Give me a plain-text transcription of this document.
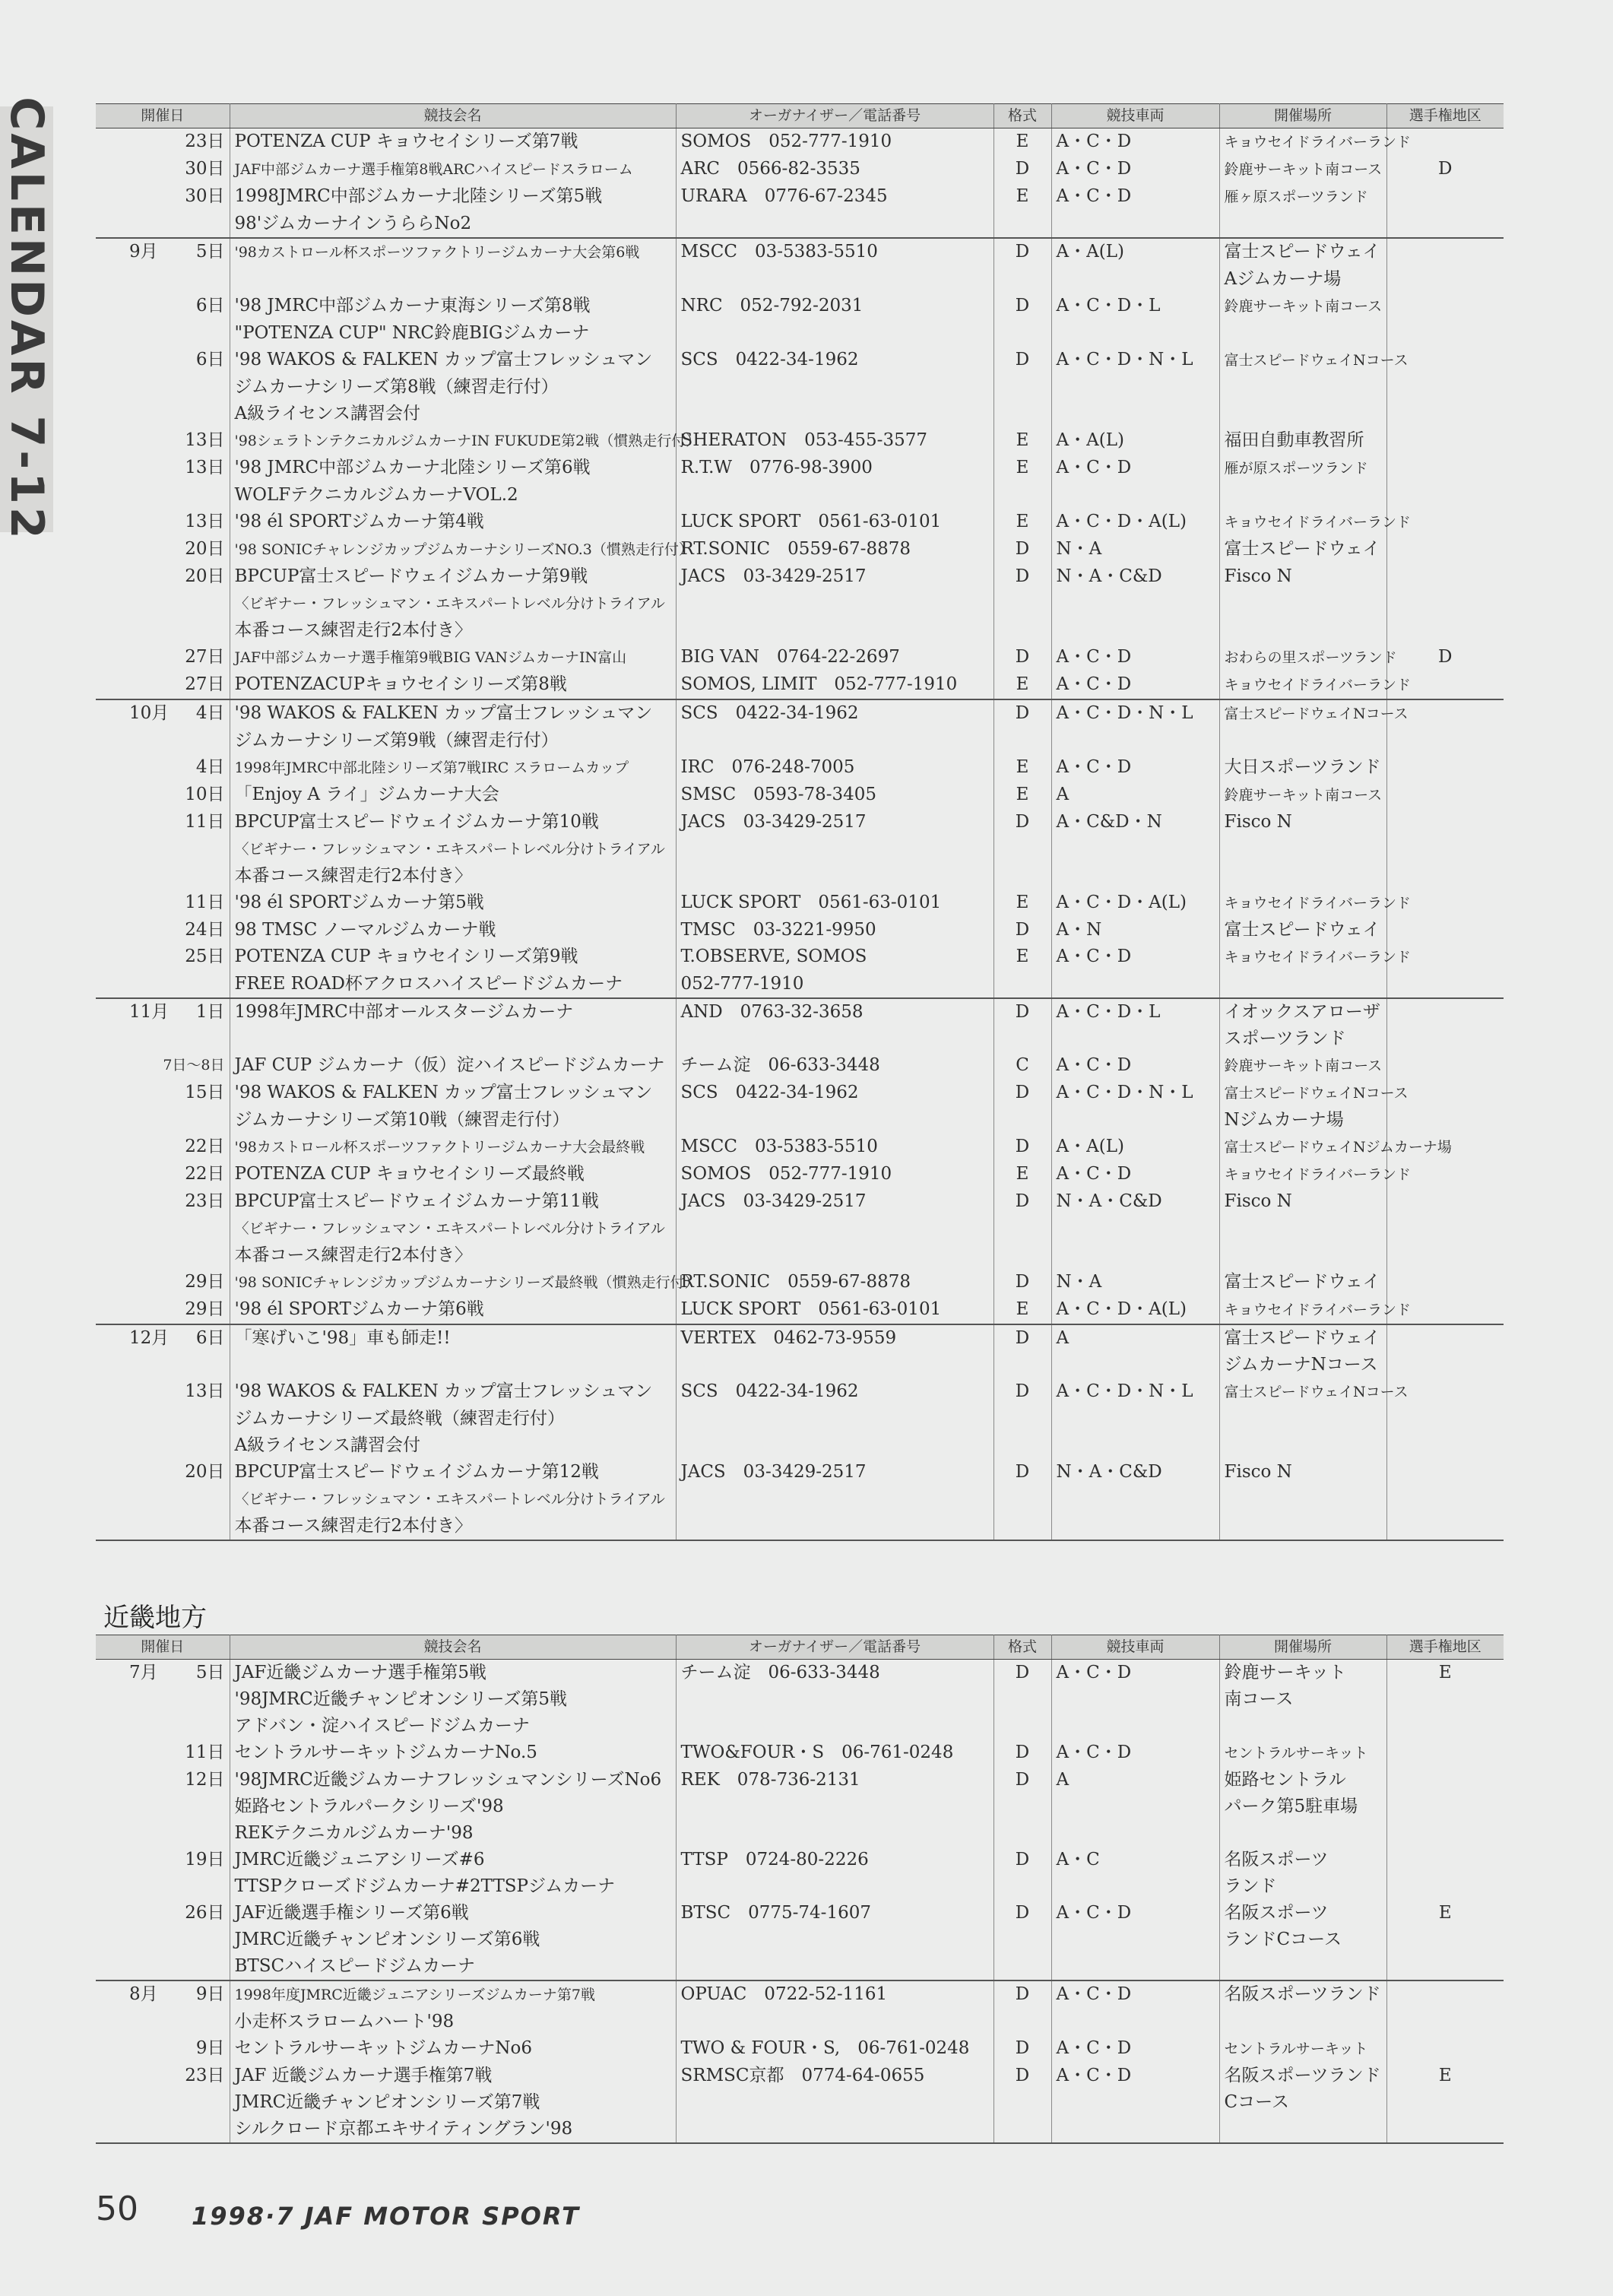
CALENDAR 7-12	開催日	競技会名	オーガナイザー／電話番号	格式	競技車両	開催場所	選手権地区

23日	POTENZA CUP キョウセイシリーズ第7戦	SOMOS　052-777-1910	E	A・C・D	キョウセイドライバーランド	

30日	JAF中部ジムカーナ選手権第8戦ARCハイスピードスラローム	ARC　0566-82-3535	D	A・C・D	鈴鹿サーキット南コース	D

30日	1998JMRC中部ジムカーナ北陸シリーズ第5戦	URARA　0776-67-2345	E	A・C・D	雁ヶ原スポーツランド	
	98'ジムカーナインうららNo2					

9月 5日	'98カストロール杯スポーツファクトリージムカーナ大会第6戦	MSCC　03-5383-5510	D	A・A(L)	富士スピードウェイ	
					Aジムカーナ場	

6日	'98 JMRC中部ジムカーナ東海シリーズ第8戦	NRC　052-792-2031	D	A・C・D・L	鈴鹿サーキット南コース	
	"POTENZA CUP" NRC鈴鹿BIGジムカーナ					

6日	'98 WAKOS & FALKEN カップ富士フレッシュマン	SCS　0422-34-1962	D	A・C・D・N・L	富士スピードウェイNコース	
	ジムカーナシリーズ第8戦（練習走行付）					
	A級ライセンス講習会付					

13日	'98シェラトンテクニカルジムカーナIN FUKUDE第2戦（慣熟走行付）	SHERATON　053-455-3577	E	A・A(L)	福田自動車教習所	

13日	'98 JMRC中部ジムカーナ北陸シリーズ第6戦	R.T.W　0776-98-3900	E	A・C・D	雁が原スポーツランド	
	WOLFテクニカルジムカーナVOL.2					

13日	'98 él SPORTジムカーナ第4戦	LUCK SPORT　0561-63-0101	E	A・C・D・A(L)	キョウセイドライバーランド	

20日	'98 SONICチャレンジカップジムカーナシリーズNO.3（慣熟走行付）	RT.SONIC　0559-67-8878	D	N・A	富士スピードウェイ	

20日	BPCUP富士スピードウェイジムカーナ第9戦	JACS　03-3429-2517	D	N・A・C&D	Fisco N	
	〈ビギナー・フレッシュマン・エキスパートレベル分けトライアル					
	本番コース練習走行2本付き〉					

27日	JAF中部ジムカーナ選手権第9戦BIG VANジムカーナIN富山	BIG VAN　0764-22-2697	D	A・C・D	おわらの里スポーツランド	D

27日	POTENZACUPキョウセイシリーズ第8戦	SOMOS, LIMIT　052-777-1910	E	A・C・D	キョウセイドライバーランド	

10月 4日	'98 WAKOS & FALKEN カップ富士フレッシュマン	SCS　0422-34-1962	D	A・C・D・N・L	富士スピードウェイNコース	
	ジムカーナシリーズ第9戦（練習走行付）					

4日	1998年JMRC中部北陸シリーズ第7戦IRC スラロームカップ	IRC　076-248-7005	E	A・C・D	大日スポーツランド	

10日	「Enjoy A ライ」ジムカーナ大会	SMSC　0593-78-3405	E	A	鈴鹿サーキット南コース	

11日	BPCUP富士スピードウェイジムカーナ第10戦	JACS　03-3429-2517	D	A・C&D・N	Fisco N	
	〈ビギナー・フレッシュマン・エキスパートレベル分けトライアル					
	本番コース練習走行2本付き〉					

11日	'98 él SPORTジムカーナ第5戦	LUCK SPORT　0561-63-0101	E	A・C・D・A(L)	キョウセイドライバーランド	

24日	98 TMSC ノーマルジムカーナ戦	TMSC　03-3221-9950	D	A・N	富士スピードウェイ	

25日	POTENZA CUP キョウセイシリーズ第9戦	T.OBSERVE, SOMOS	E	A・C・D	キョウセイドライバーランド	
	FREE ROAD杯アクロスハイスピードジムカーナ	052-777-1910				

11月 1日	1998年JMRC中部オールスタージムカーナ	AND　0763-32-3658	D	A・C・D・L	イオックスアローザ	
					スポーツランド	

7日～8日	JAF CUP ジムカーナ（仮）淀ハイスピードジムカーナ	チーム淀　06-633-3448	C	A・C・D	鈴鹿サーキット南コース	

15日	'98 WAKOS & FALKEN カップ富士フレッシュマン	SCS　0422-34-1962	D	A・C・D・N・L	富士スピードウェイNコース	
	ジムカーナシリーズ第10戦（練習走行付）				Nジムカーナ場	

22日	'98カストロール杯スポーツファクトリージムカーナ大会最終戦	MSCC　03-5383-5510	D	A・A(L)	富士スピードウェイNジムカーナ場	

22日	POTENZA CUP キョウセイシリーズ最終戦	SOMOS　052-777-1910	E	A・C・D	キョウセイドライバーランド	

23日	BPCUP富士スピードウェイジムカーナ第11戦	JACS　03-3429-2517	D	N・A・C&D	Fisco N	
	〈ビギナー・フレッシュマン・エキスパートレベル分けトライアル					
	本番コース練習走行2本付き〉					

29日	'98 SONICチャレンジカップジムカーナシリーズ最終戦（慣熟走行付）	RT.SONIC　0559-67-8878	D	N・A	富士スピードウェイ	

29日	'98 él SPORTジムカーナ第6戦	LUCK SPORT　0561-63-0101	E	A・C・D・A(L)	キョウセイドライバーランド	

12月 6日	「寒げいこ'98」車も師走!!	VERTEX　0462-73-9559	D	A	富士スピードウェイ	
					ジムカーナNコース	

13日	'98 WAKOS & FALKEN カップ富士フレッシュマン	SCS　0422-34-1962	D	A・C・D・N・L	富士スピードウェイNコース	
	ジムカーナシリーズ最終戦（練習走行付）					
	A級ライセンス講習会付					

20日	BPCUP富士スピードウェイジムカーナ第12戦	JACS　03-3429-2517	D	N・A・C&D	Fisco N	
	〈ビギナー・フレッシュマン・エキスパートレベル分けトライアル					
	本番コース練習走行2本付き〉					
近畿地方
開催日	競技会名	オーガナイザー／電話番号	格式	競技車両	開催場所	選手権地区

7月 5日	JAF近畿ジムカーナ選手権第5戦	チーム淀　06-633-3448	D	A・C・D	鈴鹿サーキット	E
	'98JMRC近畿チャンピオンシリーズ第5戦				南コース	
	アドバン・淀ハイスピードジムカーナ					

11日	セントラルサーキットジムカーナNo.5	TWO&FOUR・S　06-761-0248	D	A・C・D	セントラルサーキット	

12日	'98JMRC近畿ジムカーナフレッシュマンシリーズNo6	REK　078-736-2131	D	A	姫路セントラル	
	姫路セントラルパークシリーズ'98				パーク第5駐車場	
	REKテクニカルジムカーナ'98					

19日	JMRC近畿ジュニアシリーズ#6	TTSP　0724-80-2226	D	A・C	名阪スポーツ	
	TTSPクローズドジムカーナ#2TTSPジムカーナ				ランド	

26日	JAF近畿選手権シリーズ第6戦	BTSC　0775-74-1607	D	A・C・D	名阪スポーツ	E
	JMRC近畿チャンピオンシリーズ第6戦				ランドCコース	
	BTSCハイスピードジムカーナ					

8月 9日	1998年度JMRC近畿ジュニアシリーズジムカーナ第7戦	OPUAC　0722-52-1161	D	A・C・D	名阪スポーツランド	
	小走杯スラロームハート'98					

9日	セントラルサーキットジムカーナNo6	TWO & FOUR・S,　06-761-0248	D	A・C・D	セントラルサーキット	

23日	JAF 近畿ジムカーナ選手権第7戦	SRMSC京都　0774-64-0655	D	A・C・D	名阪スポーツランド	E
	JMRC近畿チャンピオンシリーズ第7戦				Cコース	
	シルクロード京都エキサイティングラン'98					
50 1998·7 JAF MOTOR SPORT
